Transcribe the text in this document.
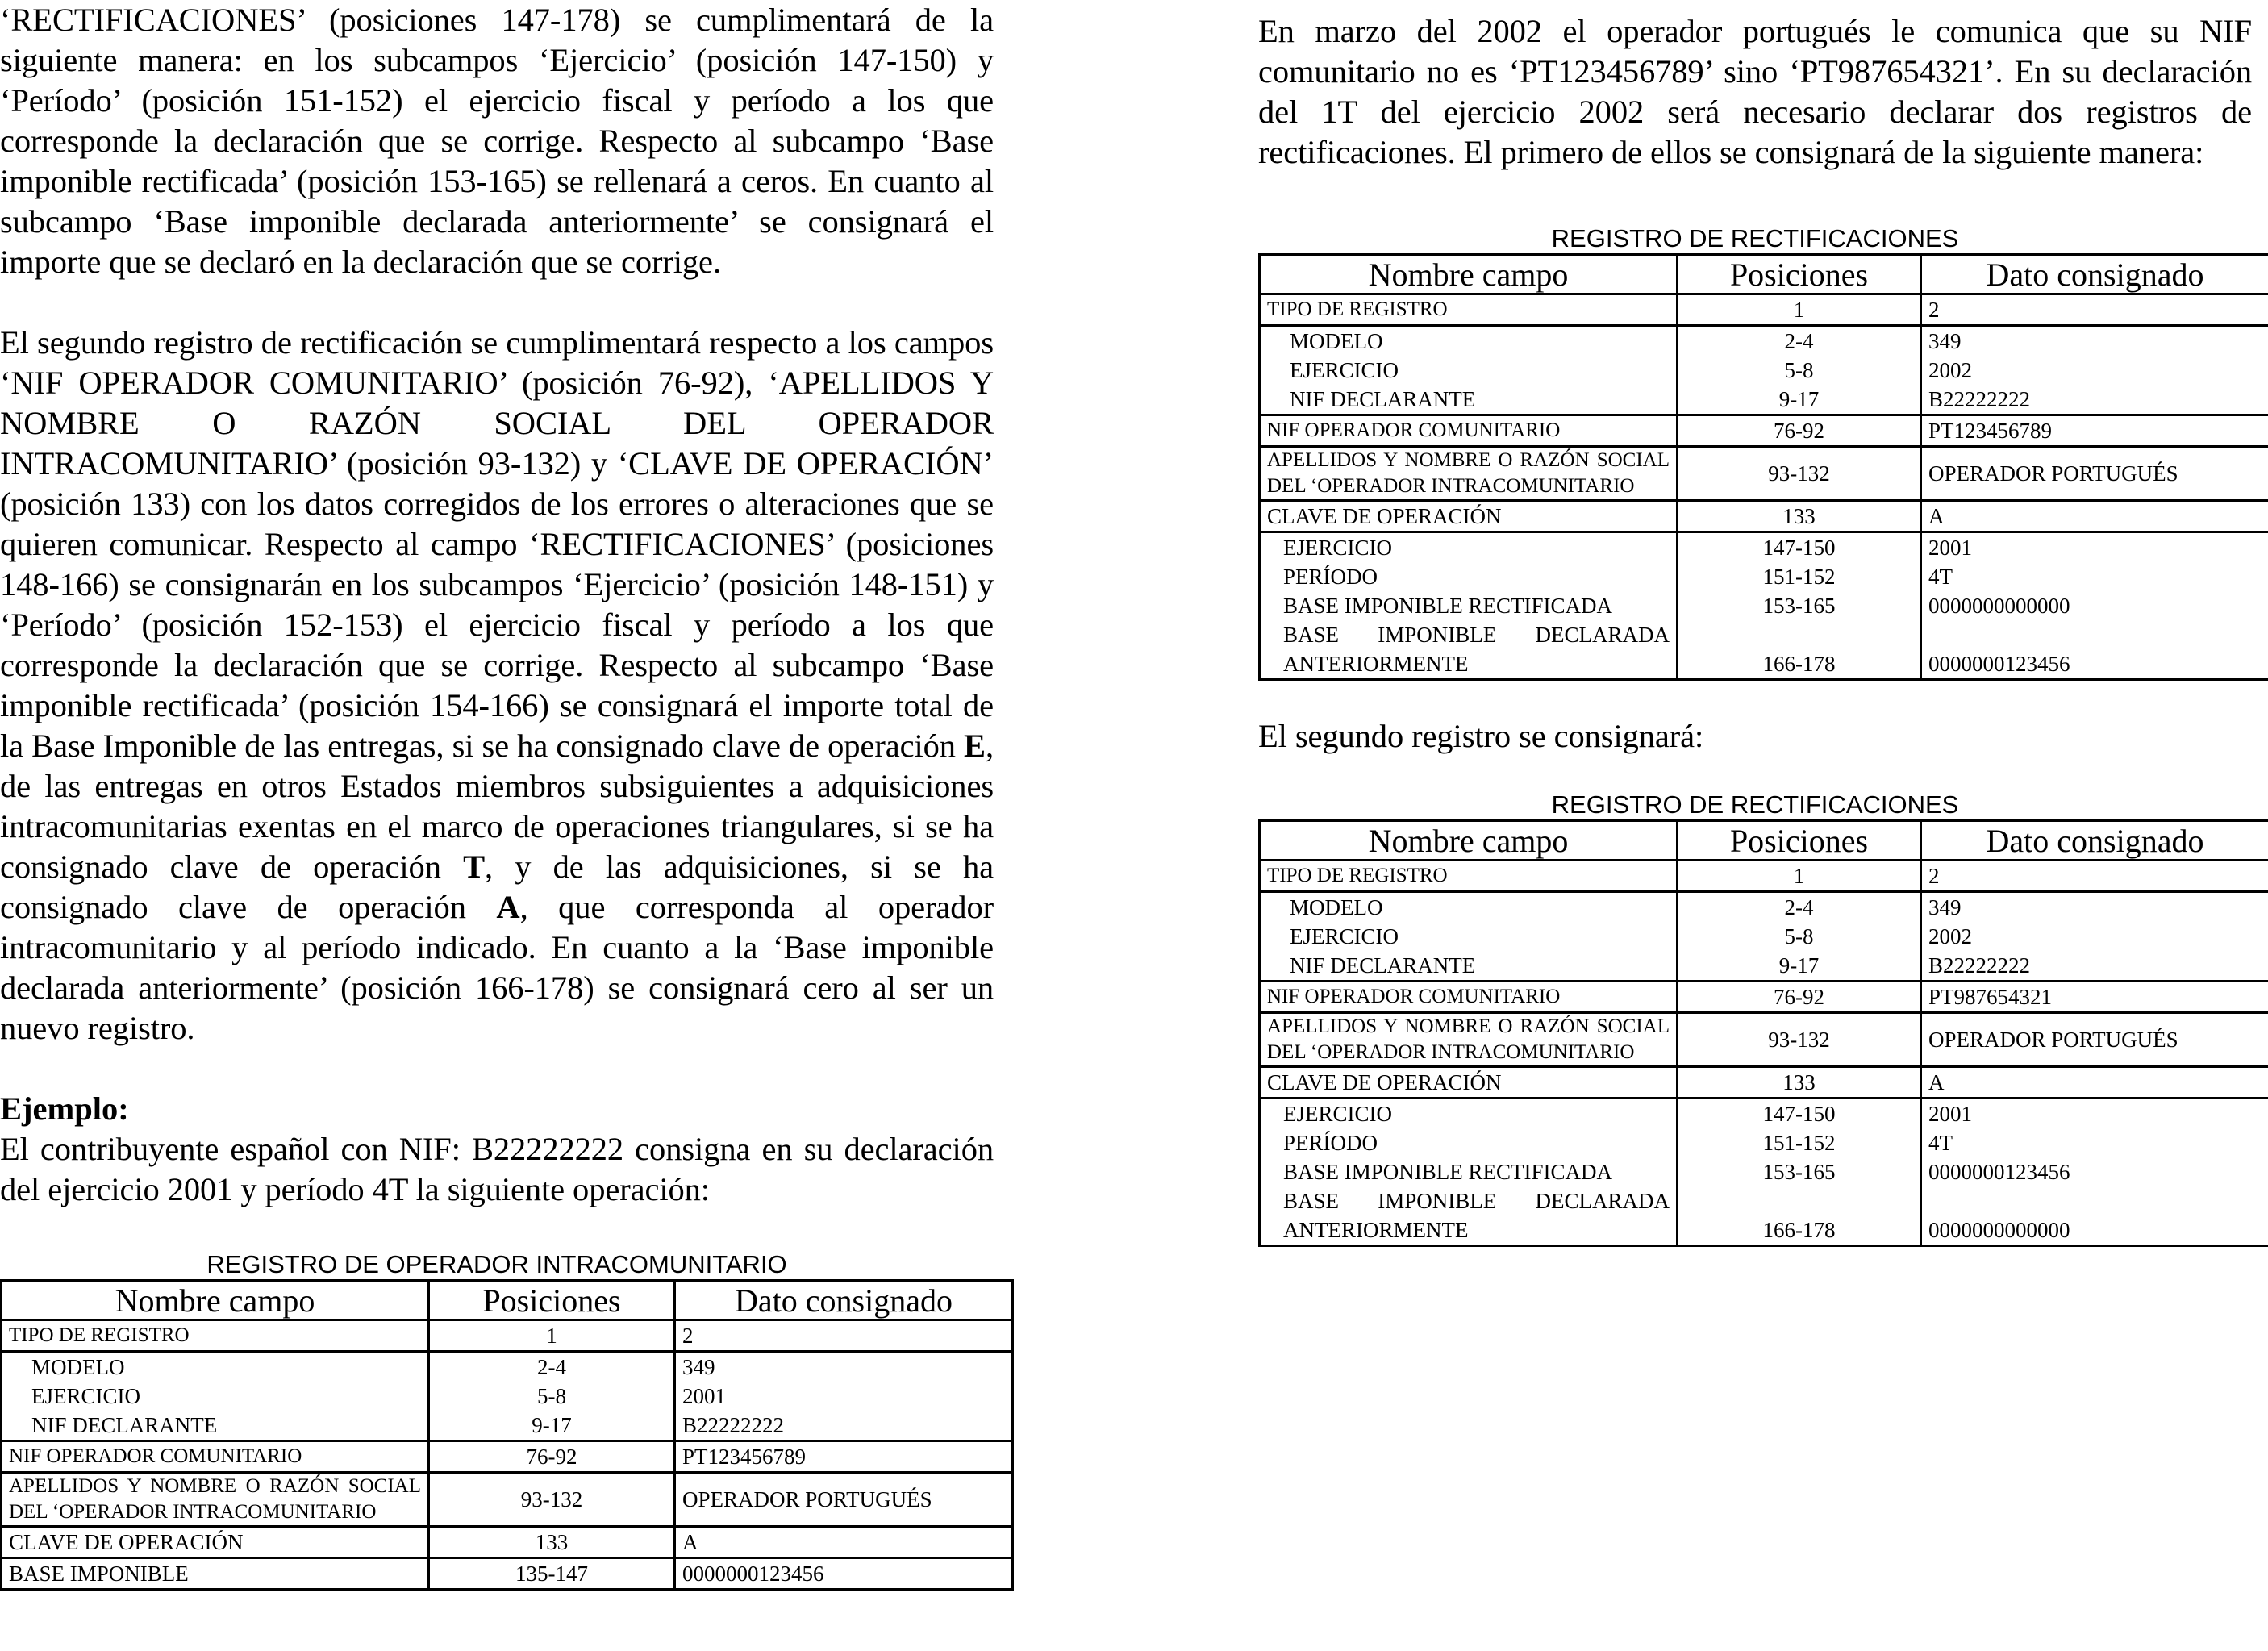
‘RECTIFICACIONES’ (posiciones 147-178) se cumplimentará de la siguiente manera: en los subcampos ‘Ejercicio’ (posición 147-150) y ‘Período’ (posición 151-152) el ejercicio fiscal y período a los que corresponde la declaración que se corrige. Respecto al subcampo ‘Base imponible rectificada’ (posición 153-165) se rellenará a ceros. En cuanto al subcampo ‘Base imponible declarada anteriormente’ se consignará el importe que se declaró en la declaración que se corrige.

El segundo registro de rectificación se cumplimentará respecto a los campos ‘NIF OPERADOR COMUNITARIO’ (posición 76-92), ‘APELLIDOS Y NOMBRE O RAZÓN SOCIAL DEL OPERADOR INTRACOMUNITARIO’ (posición 93-132) y ‘CLAVE DE OPERACIÓN’ (posición 133) con los datos corregidos de los errores o alteraciones que se quieren comunicar. Respecto al campo ‘RECTIFICACIONES’ (posiciones 148-166) se consignarán en los subcampos ‘Ejercicio’ (posición 148-151) y ‘Período’ (posición 152-153) el ejercicio fiscal y período a los que corresponde la declaración que se corrige. Respecto al subcampo ‘Base imponible rectificada’ (posición 154-166) se consignará el importe total de la Base Imponible de las entregas, si se ha consignado clave de operación E, de las entregas en otros Estados miembros subsiguientes a adquisiciones intracomunitarias exentas en el marco de operaciones triangulares, si se ha consignado clave de operación T, y de las adquisiciones, si se ha consignado clave de operación A, que corresponda al operador intracomunitario y al período indicado. En cuanto a la ‘Base imponible declarada anteriormente’ (posición 166-178) se consignará cero al ser un nuevo registro.

Ejemplo:

El contribuyente español con NIF: B22222222 consigna en su declaración del ejercicio 2001 y período 4T la siguiente operación:

REGISTRO DE OPERADOR INTRACOMUNITARIO

Nombre campo	Posiciones	Dato consignado
TIPO DE REGISTRO	1	2
MODELO	2-4	349
EJERCICIO	5-8	2001
NIF DECLARANTE	9-17	B22222222
NIF OPERADOR COMUNITARIO	76-92	PT123456789
APELLIDOS Y NOMBRE O RAZÓN SOCIAL DEL ‘OPERADOR INTRACOMUNITARIO	93-132	OPERADOR PORTUGUÉS
CLAVE DE OPERACIÓN	133	A
BASE IMPONIBLE	135-147	0000000123456

En marzo del 2002 el operador portugués le comunica que su NIF comunitario no es ‘PT123456789’ sino ‘PT987654321’. En su declaración del 1T del ejercicio 2002 será necesario declarar dos registros de rectificaciones. El primero de ellos se consignará de la siguiente manera:

REGISTRO DE RECTIFICACIONES

Nombre campo	Posiciones	Dato consignado
TIPO DE REGISTRO	1	2
MODELO	2-4	349
EJERCICIO	5-8	2002
NIF DECLARANTE	9-17	B22222222
NIF OPERADOR COMUNITARIO	76-92	PT123456789
APELLIDOS Y NOMBRE O RAZÓN SOCIAL DEL ‘OPERADOR INTRACOMUNITARIO	93-132	OPERADOR PORTUGUÉS
CLAVE DE OPERACIÓN	133	A
EJERCICIO	147-150	2001
PERÍODO	151-152	4T
BASE IMPONIBLE RECTIFICADA	153-165	0000000000000
BASE IMPONIBLE DECLARADA ANTERIORMENTE	166-178	0000000123456

El segundo registro se consignará:

REGISTRO DE RECTIFICACIONES

Nombre campo	Posiciones	Dato consignado
TIPO DE REGISTRO	1	2
MODELO	2-4	349
EJERCICIO	5-8	2002
NIF DECLARANTE	9-17	B22222222
NIF OPERADOR COMUNITARIO	76-92	PT987654321
APELLIDOS Y NOMBRE O RAZÓN SOCIAL DEL ‘OPERADOR INTRACOMUNITARIO	93-132	OPERADOR PORTUGUÉS
CLAVE DE OPERACIÓN	133	A
EJERCICIO	147-150	2001
PERÍODO	151-152	4T
BASE IMPONIBLE RECTIFICADA	153-165	0000000123456
BASE IMPONIBLE DECLARADA ANTERIORMENTE	166-178	0000000000000
